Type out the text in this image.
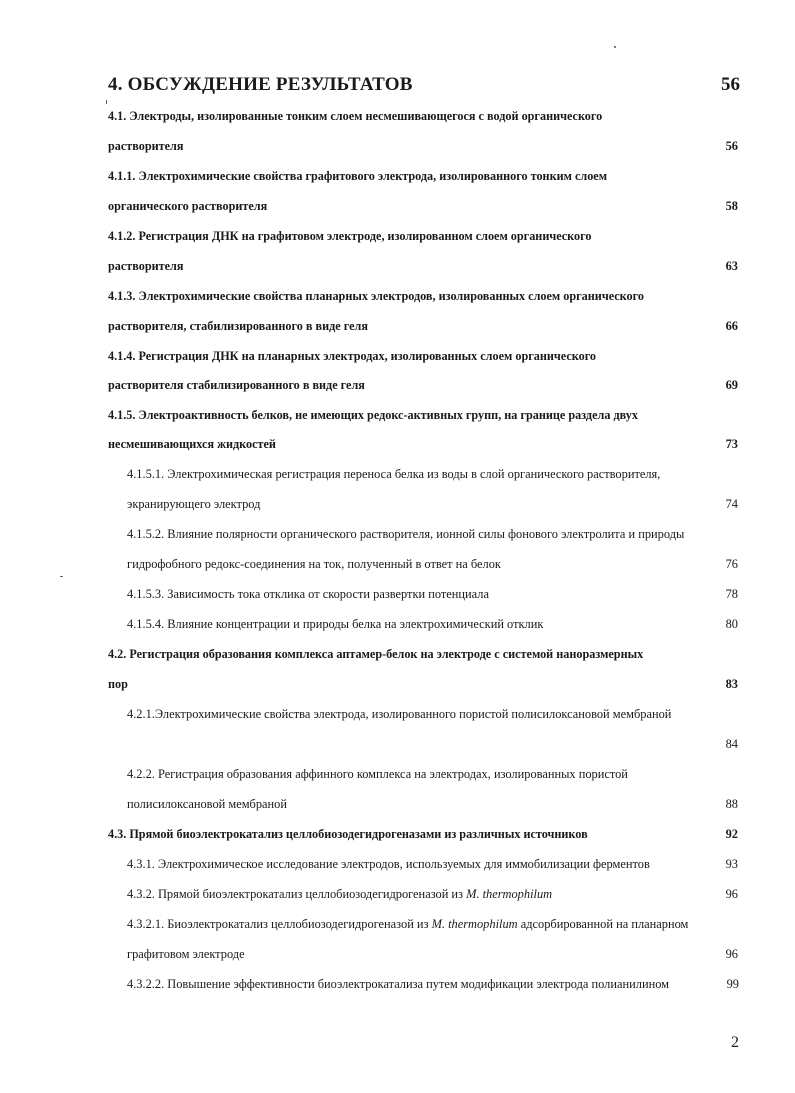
4. ОБСУЖДЕНИЕ РЕЗУЛЬТАТОВ	56
4.1. Электроды, изолированные тонким слоем несмешивающегося с водой органического
растворителя	56
4.1.1. Электрохимические свойства графитового электрода, изолированного тонким слоем
органического растворителя	58
4.1.2. Регистрация ДНК на графитовом электроде, изолированном слоем органического
растворителя	63
4.1.3. Электрохимические свойства планарных электродов, изолированных слоем органического
растворителя, стабилизированного в виде геля	66
4.1.4. Регистрация ДНК на планарных электродах, изолированных слоем органического
растворителя стабилизированного в виде геля	69
4.1.5. Электроактивность белков, не имеющих редокс-активных групп, на границе раздела двух
несмешивающихся жидкостей	73
4.1.5.1. Электрохимическая регистрация переноса белка из воды в слой органического растворителя,
экранирующего электрод	74
4.1.5.2. Влияние полярности органического растворителя, ионной силы фонового электролита и природы
гидрофобного редокс-соединения на ток, полученный в ответ на белок	76
4.1.5.3. Зависимость тока отклика от скорости развертки потенциала	78
4.1.5.4. Влияние концентрации и природы белка на электрохимический отклик	80
4.2. Регистрация образования комплекса аптамер-белок на электроде с системой наноразмерных
пор	83
4.2.1.Электрохимические свойства электрода, изолированного пористой полисилоксановой мембраной
84
4.2.2. Регистрация образования аффинного комплекса на электродах, изолированных пористой
полисилоксановой мембраной	88
4.3. Прямой биоэлектрокатализ целлобиозодегидрогеназами из различных источников	92
4.3.1. Электрохимическое исследование электродов, используемых для иммобилизации ферментов	93
4.3.2. Прямой биоэлектрокатализ целлобиозодегидрогеназой из M. thermophilum	96
4.3.2.1. Биоэлектрокатализ целлобиозодегидрогеназой из M. thermophilum адсорбированной на планарном
графитовом электроде	96
4.3.2.2. Повышение эффективности биоэлектрокатализа путем модификации электрода полианилином	99
2
